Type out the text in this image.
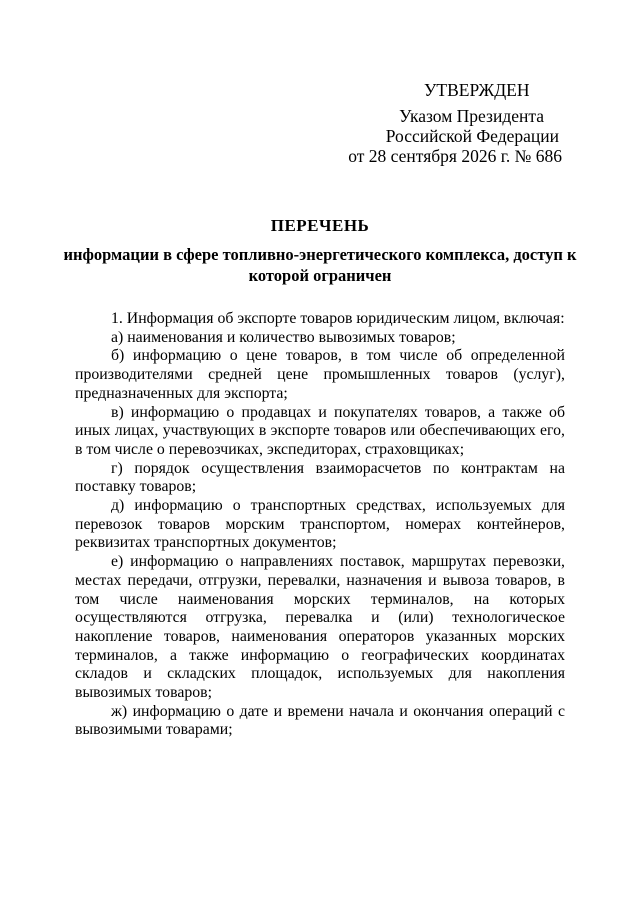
УТВЕРЖДЕН
Указом Президента
Российской Федерации
от 28 сентября 2026 г. № 686
ПЕРЕЧЕНЬ
информации в сфере топливно-энергетического комплекса, доступ к которой ограничен

1. Информация об экспорте товаров юридическим лицом, включая:

а) наименования и количество вывозимых товаров;

б) информацию о цене товаров, в том числе об определенной производителями средней цене промышленных товаров (услуг), предназначенных для экспорта;

в) информацию о продавцах и покупателях товаров, а также об иных лицах, участвующих в экспорте товаров или обеспечивающих его, в том числе о перевозчиках, экспедиторах, страховщиках;

г) порядок осуществления взаиморасчетов по контрактам на поставку товаров;

д) информацию о транспортных средствах, используемых для перевозок товаров морским транспортом, номерах контейнеров, реквизитах транспортных документов;

е) информацию о направлениях поставок, маршрутах перевозки, местах передачи, отгрузки, перевалки, назначения и вывоза товаров, в том числе наименования морских терминалов, на которых осуществляются отгрузка, перевалка и (или) технологическое накопление товаров, наименования операторов указанных морских терминалов, а также информацию о географических координатах складов и складских площадок, используемых для накопления вывозимых товаров;

ж) информацию о дате и времени начала и окончания операций с вывозимыми товарами;
